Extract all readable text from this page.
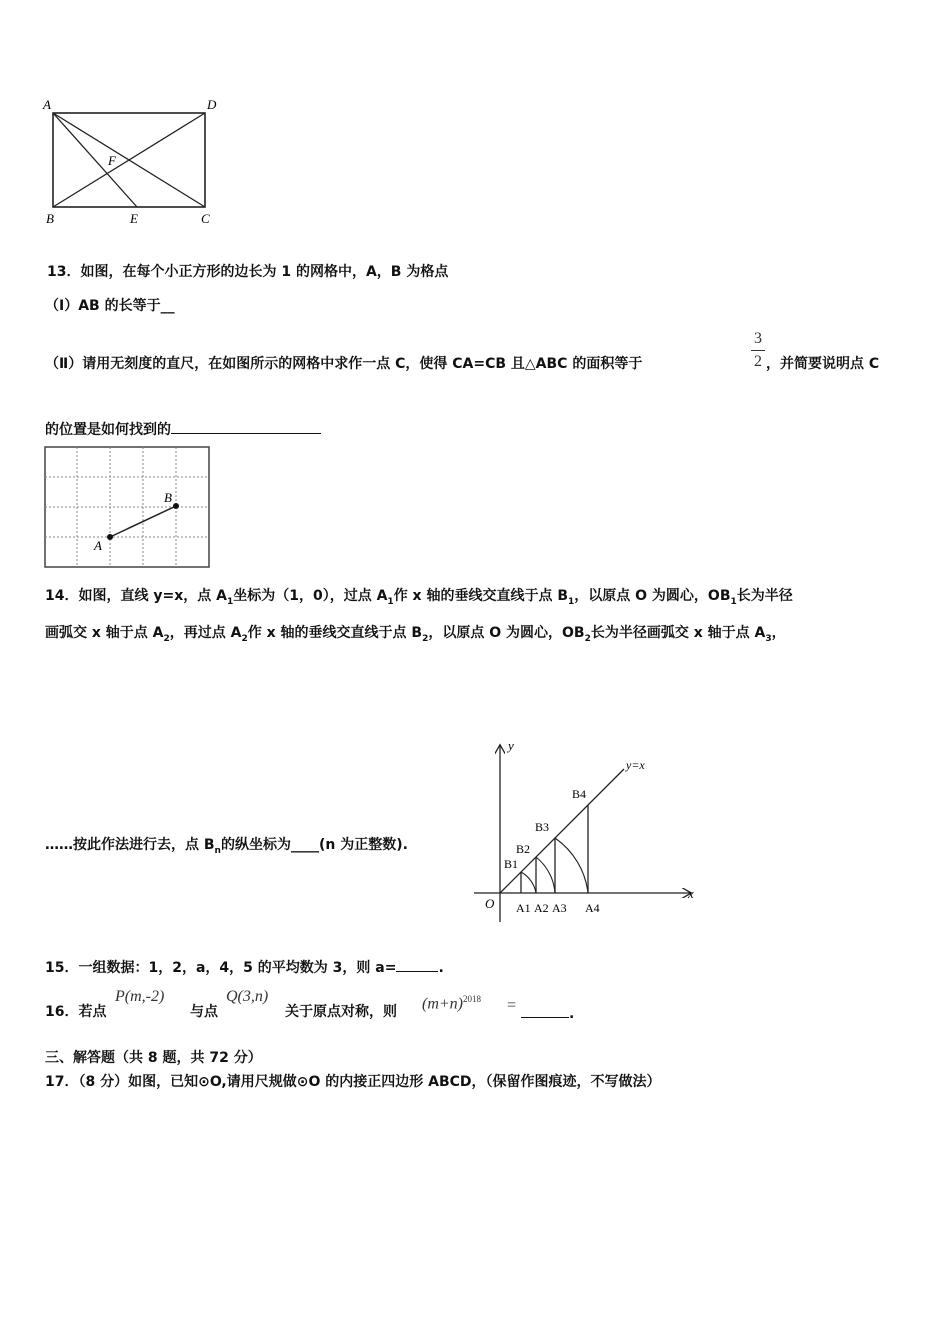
A	D
F
B	E	C
13．如图，在每个小正方形的边长为 1 的网格中，A，B 为格点
（Ⅰ）AB 的长等于__
（Ⅱ）请用无刻度的直尺，在如图所示的网格中求作一点 C，使得 CA=CB 且△ABC 的面积等于
3
2 ，并简要说明点 C
的位置是如何找到的
A
B
14．如图，直线 y=x，点 $A_1$坐标为（1，0），过点 $A_1$作 x 轴的垂线交直线于点 $B_1$，以原点 O 为圆心，$OB_1$长为半径
画弧交 x 轴于点 $A_2$，再过点 $A_2$作 x 轴的垂线交直线于点 $B_2$，以原点 O 为圆心，$OB_2$长为半径画弧交 x 轴于点 $A_3$，
……按此作法进行去，点 $B_n$的纵坐标为____(n 为正整数).
y
x
y=x
O
B1
B2
B3
B4
A1 A2 A3 A4
15．一组数据：1，2，a，4，5 的平均数为 3，则 a=	.
16．若点
P(m,-2)
与点
Q(3,n)
关于原点对称，则 $(m+n)^{2018}$ =	.
三、解答题（共 8 题，共 72 分）
17．（8 分）如图，已知⊙O,请用尺规做⊙O 的内接正四边形 ABCD，（保留作图痕迹，不写做法）
